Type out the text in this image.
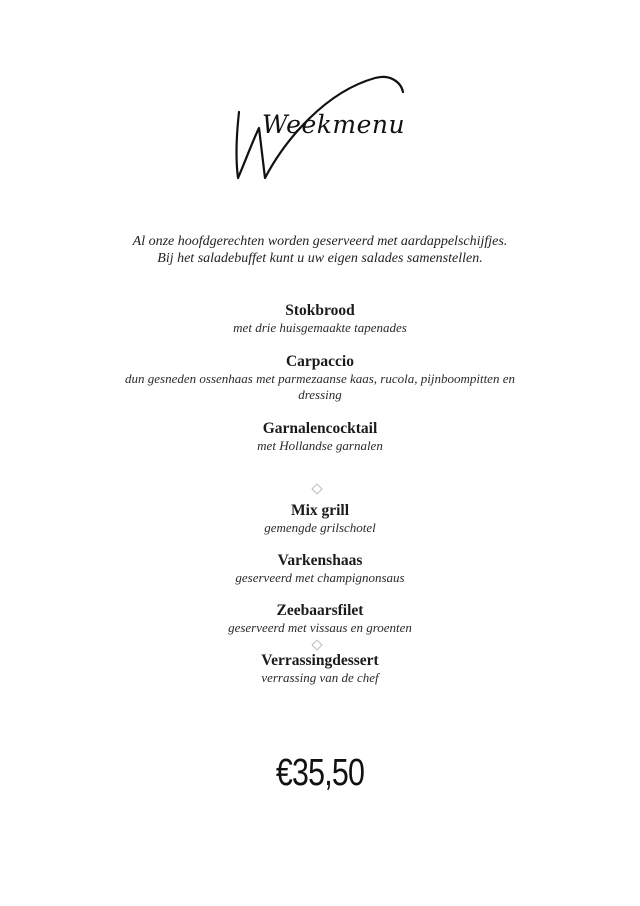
Weekmenu
Al onze hoofdgerechten worden geserveerd met aardappelschijfjes.
Bij het saladebuffet kunt u uw eigen salades samenstellen.
Stokbrood
met drie huisgemaakte tapenades
Carpaccio
dun gesneden ossenhaas met parmezaanse kaas, rucola, pijnboompitten en dressing
Garnalencocktail
met Hollandse garnalen
Mix grill
gemengde grilschotel
Varkenshaas
geserveerd met champignonsaus
Zeebaarsfilet
geserveerd met vissaus en groenten
Verrassingdessert
verrassing van de chef
€35,50
